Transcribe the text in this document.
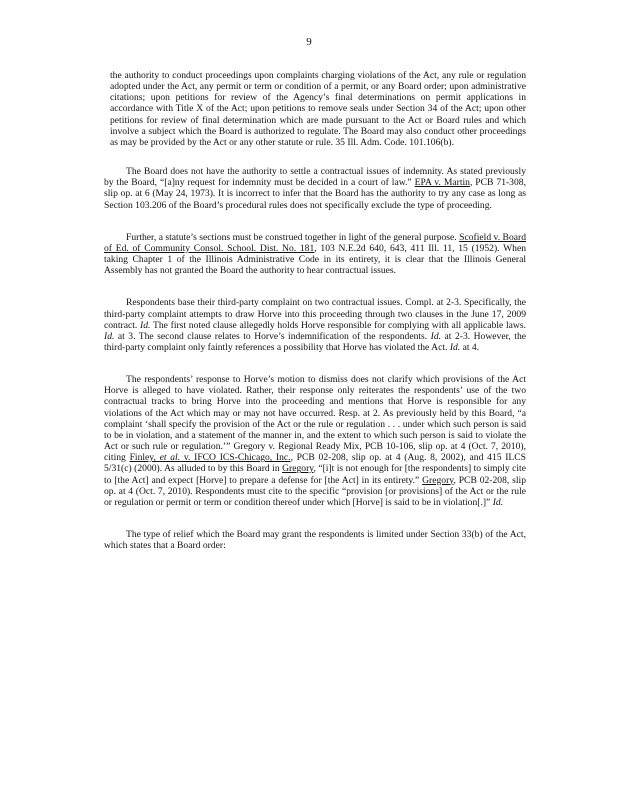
9

the authority to conduct proceedings upon complaints charging violations of the Act, any rule or regulation adopted under the Act, any permit or term or condition of a permit, or any Board order; upon administrative citations; upon petitions for review of the Agency’s final determinations on permit applications in accordance with Title X of the Act; upon petitions to remove seals under Section 34 of the Act; upon other petitions for review of final determination which are made pursuant to the Act or Board rules and which involve a subject which the Board is authorized to regulate. The Board may also conduct other proceedings as may be provided by the Act or any other statute or rule. 35 Ill. Adm. Code. 101.106(b).

The Board does not have the authority to settle a contractual issues of indemnity. As stated previously by the Board, “[a]ny request for indemnity must be decided in a court of law.” EPA v. Martin, PCB 71-308, slip op. at 6 (May 24, 1973). It is incorrect to infer that the Board has the authority to try any case as long as Section 103.206 of the Board’s procedural rules does not specifically exclude the type of proceeding.

Further, a statute’s sections must be construed together in light of the general purpose. Scofield v. Board of Ed. of Community Consol. School. Dist. No. 181, 103 N.E.2d 640, 643, 411 Ill. 11, 15 (1952). When taking Chapter 1 of the Illinois Administrative Code in its entirety, it is clear that the Illinois General Assembly has not granted the Board the authority to hear contractual issues.

Respondents base their third-party complaint on two contractual issues. Compl. at 2-3. Specifically, the third-party complaint attempts to draw Horve into this proceeding through two clauses in the June 17, 2009 contract. Id. The first noted clause allegedly holds Horve responsible for complying with all applicable laws. Id. at 3. The second clause relates to Horve’s indemnification of the respondents. Id. at 2-3. However, the third-party complaint only faintly references a possibility that Horve has violated the Act. Id. at 4.

The respondents’ response to Horve’s motion to dismiss does not clarify which provisions of the Act Horve is alleged to have violated. Rather, their response only reiterates the respondents’ use of the two contractual tracks to bring Horve into the proceeding and mentions that Horve is responsible for any violations of the Act which may or may not have occurred. Resp. at 2. As previously held by this Board, “a complaint ‘shall specify the provision of the Act or the rule or regulation . . . under which such person is said to be in violation, and a statement of the manner in, and the extent to which such person is said to violate the Act or such rule or regulation.’” Gregory v. Regional Ready Mix, PCB 10-106, slip op. at 4 (Oct. 7, 2010), citing Finley, et al. v. IFCO ICS-Chicago, Inc., PCB 02-208, slip op. at 4 (Aug. 8, 2002), and 415 ILCS 5/31(c) (2000). As alluded to by this Board in Gregory, “[i]t is not enough for [the respondents] to simply cite to [the Act] and expect [Horve] to prepare a defense for [the Act] in its entirety.” Gregory, PCB 02-208, slip op. at 4 (Oct. 7, 2010). Respondents must cite to the specific “provision [or provisions] of the Act or the rule or regulation or permit or term or condition thereof under which [Horve] is said to be in violation[.]” Id.

The type of relief which the Board may grant the respondents is limited under Section 33(b) of the Act, which states that a Board order:
